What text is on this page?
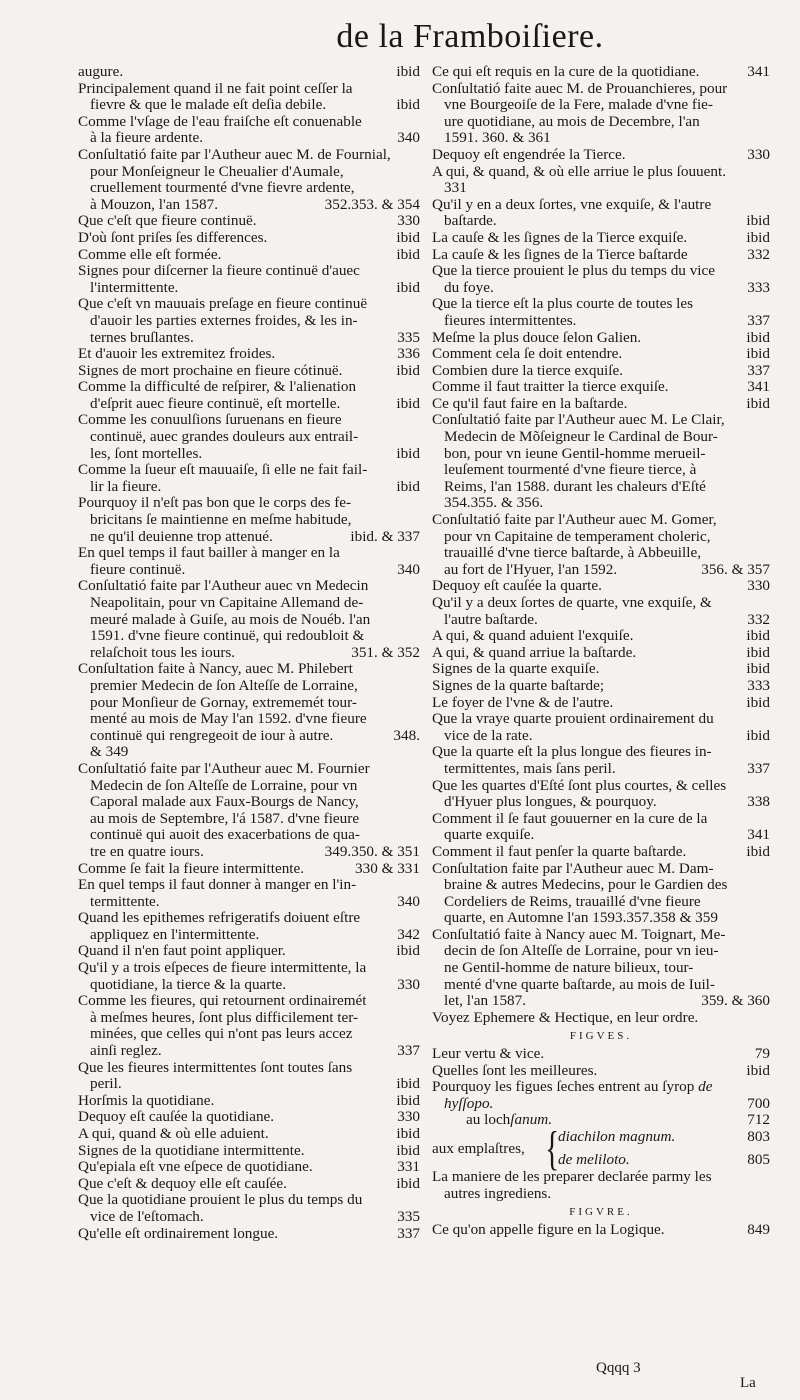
de la Framboiſiere.
augure.	ibid
Principalement quand il ne fait point ceſſer la
fievre & que le malade eſt deſia debile.	ibid
Comme l'vſage de l'eau fraiſche eſt conuenable
à la fieure ardente.	340
Conſultatió faite par l'Autheur auec M. de Fournial,
pour Monſeigneur le Cheualier d'Aumale,
cruellement tourmenté d'vne fievre ardente,
à Mouzon, l'an 1587.	352.353. & 354
Que c'eſt que fieure continuë.	330
D'où ſont priſes ſes differences.	ibid
Comme elle eſt formée.	ibid
Signes pour diſcerner la fieure continuë d'auec
l'intermittente.	ibid
Que c'eſt vn mauuais preſage en fieure continuë
d'auoir les parties externes froides, & les in-
ternes bruſlantes.	335
Et d'auoir les extremitez froides.	336
Signes de mort prochaine en fieure cótinuë.	ibid
Comme la difficulté de reſpirer, & l'alienation
d'eſprit auec fieure continuë, eſt mortelle.	ibid
Comme les conuulſions ſuruenans en fieure
continuë, auec grandes douleurs aux entrail-
les, ſont mortelles.	ibid
Comme la ſueur eſt mauuaiſe, ſi elle ne fait fail-
lir la fieure.	ibid
Pourquoy il n'eſt pas bon que le corps des fe-
bricitans ſe maintienne en meſme habitude,
ne qu'il deuienne trop attenué.	ibid. & 337
En quel temps il faut bailler à manger en la
fieure continuë.	340
Conſultatió faite par l'Autheur auec vn Medecin
Neapolitain, pour vn Capitaine Allemand de-
meuré malade à Guiſe, au mois de Nouéb. l'an
1591. d'vne fieure continuë, qui redoubloit &
relaſchoit tous les iours.	351. & 352
Conſultation faite à Nancy, auec M. Philebert
premier Medecin de ſon Alteſſe de Lorraine,
pour Monſieur de Gornay, extrememét tour-
menté au mois de May l'an 1592. d'vne fieure
continuë qui rengregeoit de iour à autre.	348.
& 349
Conſultatió faite par l'Autheur auec M. Fournier
Medecin de ſon Alteſſe de Lorraine, pour vn
Caporal malade aux Faux-Bourgs de Nancy,
au mois de Septembre, l'á 1587. d'vne fieure
continuë qui auoit des exacerbations de qua-
tre en quatre iours.	349.350. & 351
Comme ſe fait la fieure intermittente.	330 & 331
En quel temps il faut donner à manger en l'in-
termittente.	340
Quand les epithemes refrigeratifs doiuent eſtre
appliquez en l'intermittente.	342
Quand il n'en faut point appliquer.	ibid
Qu'il y a trois eſpeces de fieure intermittente, la
quotidiane, la tierce & la quarte.	330
Comme les fieures, qui retournent ordinairemét
à meſmes heures, ſont plus difficilement ter-
minées, que celles qui n'ont pas leurs accez
ainſi reglez.	337
Que les fieures intermittentes ſont toutes ſans
peril.	ibid
Horſmis la quotidiane.	ibid
Dequoy eſt cauſée la quotidiane.	330
A qui, quand & où elle aduient.	ibid
Signes de la quotidiane intermittente.	ibid
Qu'epiala eſt vne eſpece de quotidiane.	331
Que c'eſt & dequoy elle eſt cauſée.	ibid
Que la quotidiane prouient le plus du temps du
vice de l'eſtomach.	335
Qu'elle eſt ordinairement longue.	337
Ce qui eſt requis en la cure de la quotidiane.	341
Conſultatió faite auec M. de Prouanchieres, pour
vne Bourgeoiſe de la Fere, malade d'vne fie-
ure quotidiane, au mois de Decembre, l'an
1591. 360. & 361
Dequoy eſt engendrée la Tierce.	330
A qui, & quand, & où elle arriue le plus ſouuent.
331
Qu'il y en a deux ſortes, vne exquiſe, & l'autre
baſtarde.	ibid
La cauſe & les ſignes de la Tierce exquiſe.	ibid
La cauſe & les ſignes de la Tierce baſtarde	332
Que la tierce prouient le plus du temps du vice
du foye.	333
Que la tierce eſt la plus courte de toutes les
fieures intermittentes.	337
Meſme la plus douce ſelon Galien.	ibid
Comment cela ſe doit entendre.	ibid
Combien dure la tierce exquiſe.	337
Comme il faut traitter la tierce exquiſe.	341
Ce qu'il faut faire en la baſtarde.	ibid
Conſultatió faite par l'Autheur auec M. Le Clair,
Medecin de Mõſeigneur le Cardinal de Bour-
bon, pour vn ieune Gentil-homme merueil-
leuſement tourmenté d'vne fieure tierce, à
Reims, l'an 1588. durant les chaleurs d'Eſté
354.355. & 356.
Conſultatió faite par l'Autheur auec M. Gomer,
pour vn Capitaine de temperament choleric,
trauaillé d'vne tierce baſtarde, à Abbeuille,
au fort de l'Hyuer, l'an 1592.	356. & 357
Dequoy eſt cauſée la quarte.	330
Qu'il y a deux ſortes de quarte, vne exquiſe, &
l'autre baſtarde.	332
A qui, & quand aduient l'exquiſe.	ibid
A qui, & quand arriue la baſtarde.	ibid
Signes de la quarte exquiſe.	ibid
Signes de la quarte baſtarde;	333
Le foyer de l'vne & de l'autre.	ibid
Que la vraye quarte prouient ordinairement du
vice de la rate.	ibid
Que la quarte eſt la plus longue des fieures in-
termittentes, mais ſans peril.	337
Que les quartes d'Eſté ſont plus courtes, & celles
d'Hyuer plus longues, & pourquoy.	338
Comment il ſe faut gouuerner en la cure de la
quarte exquiſe.	341
Comment il faut penſer la quarte baſtarde.	ibid
Conſultation faite par l'Autheur auec M. Dam-
braine & autres Medecins, pour le Gardien des
Cordeliers de Reims, trauaillé d'vne fieure
quarte, en Automne l'an 1593.357.358 & 359
Conſultatió faite à Nancy auec M. Toignart, Me-
decin de ſon Alteſſe de Lorraine, pour vn ieu-
ne Gentil-homme de nature bilieux, tour-
menté d'vne quarte baſtarde, au mois de Iuil-
let, l'an 1587.	359. & 360
Voyez Ephemere & Hectique, en leur ordre.
FIGVES.
Leur vertu & vice.	79
Quelles ſont les meilleures.	ibid
Pourquoy les figues ſeches entrent au ſyrop de
hyſſopo.	700
au lochſanum.	712
aux emplaſtres, {
diachilon magnum.	803
de meliloto.	805
La maniere de les preparer declarée parmy les
autres ingrediens.
FIGVRE.
Ce qu'on appelle figure en la Logique.	849
Qqqq 3
La
